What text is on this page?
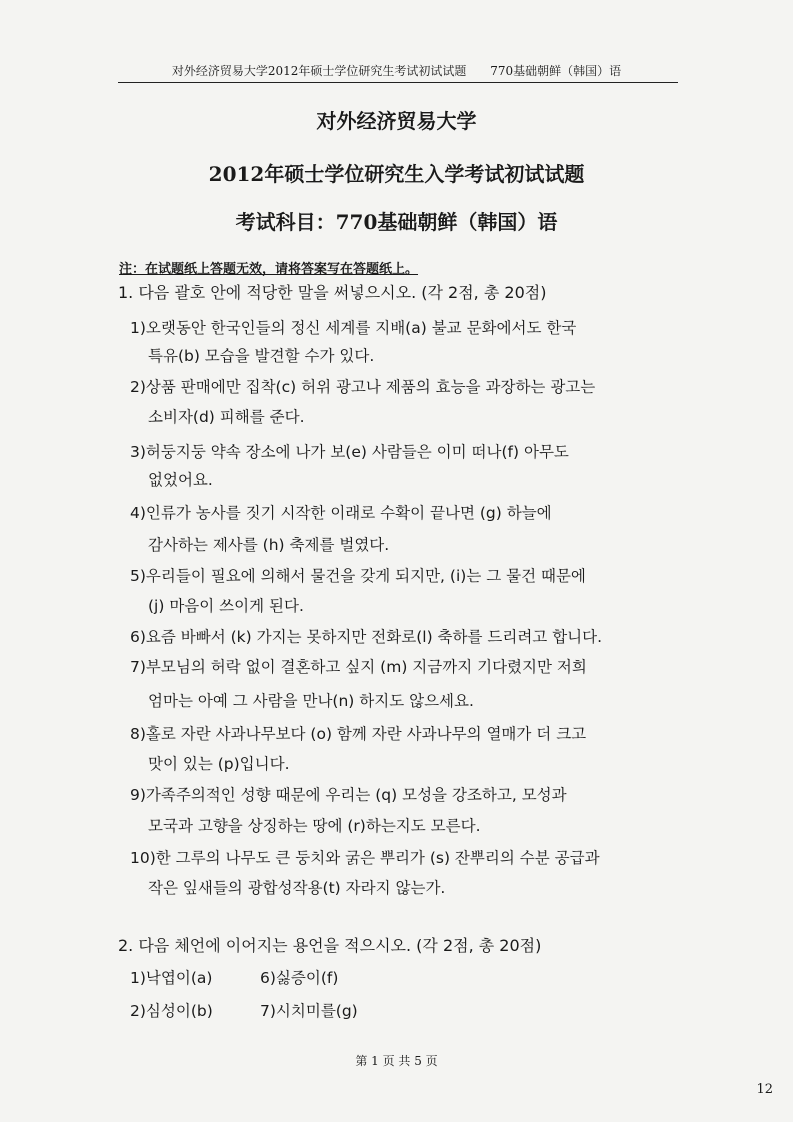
对外经济贸易大学2012年硕士学位研究生考试初试试题 770基础朝鲜（韩国）语
对外经济贸易大学
2012年硕士学位研究生入学考试初试试题
考试科目：770基础朝鲜（韩国）语
注：在试题纸上答题无效，请将答案写在答题纸上。
1. 다음 괄호 안에 적당한 말을 써넣으시오. (각 2점, 총 20점)
1)오랫동안 한국인들의 정신 세계를 지배(a) 불교 문화에서도 한국
특유(b) 모습을 발견할 수가 있다.
2)상품 판매에만 집착(c) 허위 광고나 제품의 효능을 과장하는 광고는
소비자(d) 피해를 준다.
3)허둥지둥 약속 장소에 나가 보(e) 사람들은 이미 떠나(f) 아무도
없었어요.
4)인류가 농사를 짓기 시작한 이래로 수확이 끝나면 (g) 하늘에
감사하는 제사를 (h) 축제를 벌였다.
5)우리들이 필요에 의해서 물건을 갖게 되지만, (i)는 그 물건 때문에
(j) 마음이 쓰이게 된다.
6)요즘 바빠서 (k) 가지는 못하지만 전화로(l) 축하를 드리려고 합니다.
7)부모님의 허락 없이 결혼하고 싶지 (m) 지금까지 기다렸지만 저희
엄마는 아예 그 사람을 만나(n) 하지도 않으세요.
8)홀로 자란 사과나무보다 (o) 함께 자란 사과나무의 열매가 더 크고
맛이 있는 (p)입니다.
9)가족주의적인 성향 때문에 우리는 (q) 모성을 강조하고, 모성과
모국과 고향을 상징하는 땅에 (r)하는지도 모른다.
10)한 그루의 나무도 큰 둥치와 굵은 뿌리가 (s) 잔뿌리의 수분 공급과
작은 잎새들의 광합성작용(t) 자라지 않는가.
2. 다음 체언에 이어지는 용언을 적으시오. (각 2점, 총 20점)
1)낙엽이(a)	6)싫증이(f)
2)심성이(b)	7)시치미를(g)
第 1 页 共 5 页
12
